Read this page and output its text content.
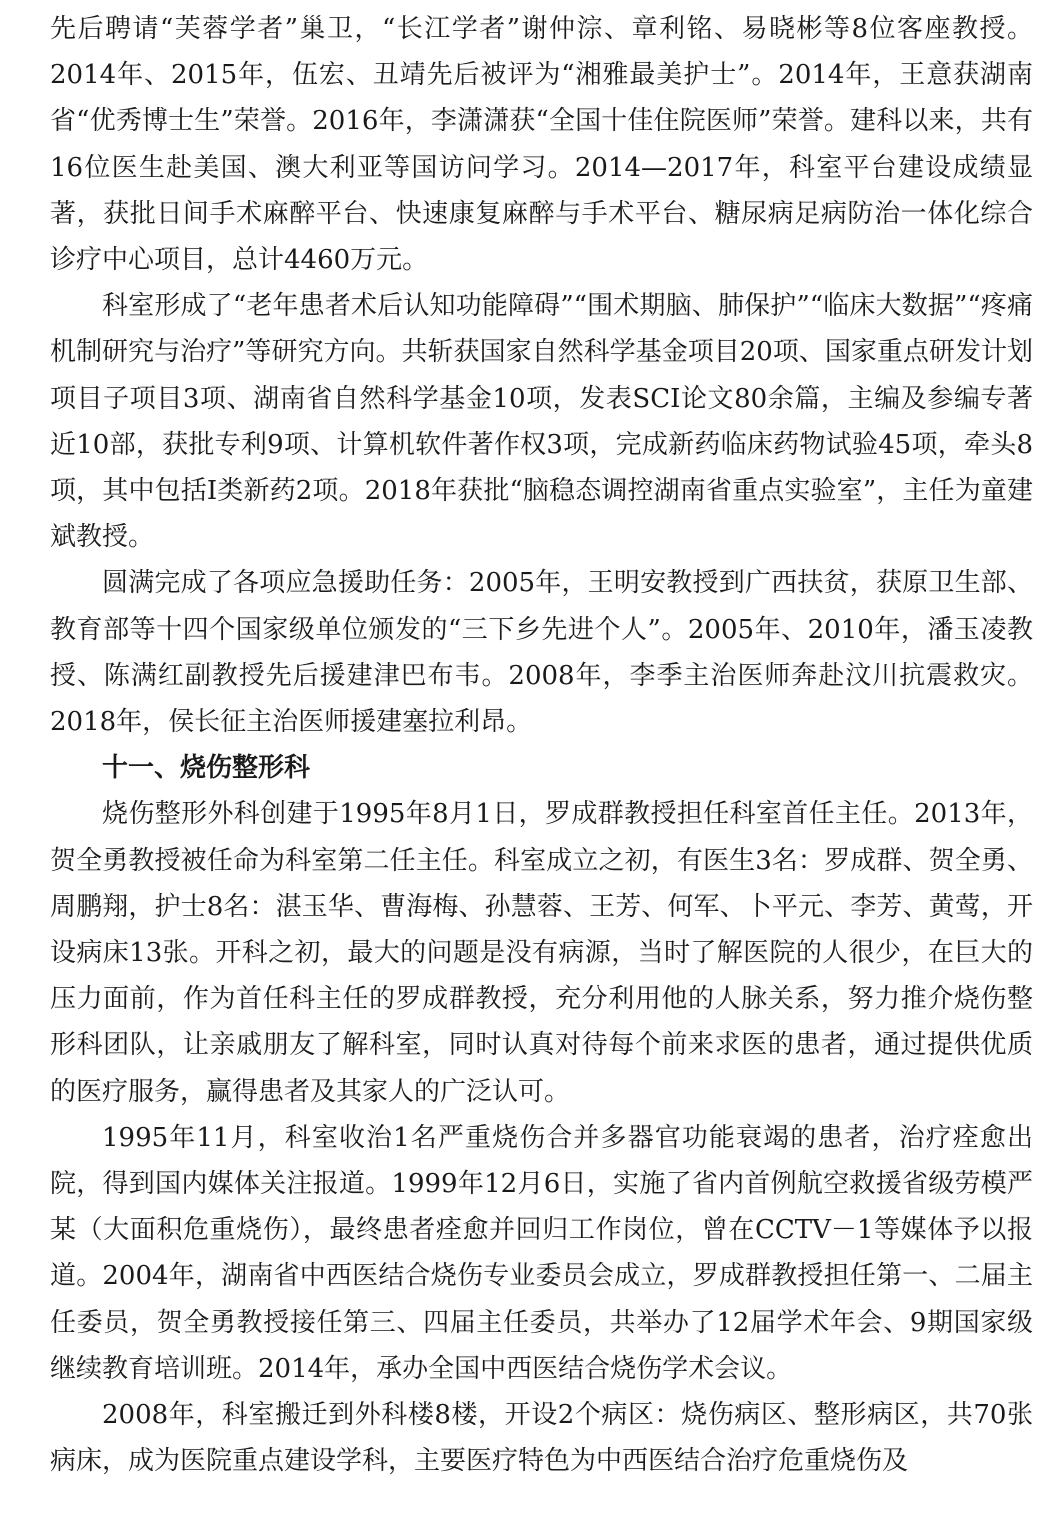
先后聘请“芙蓉学者”巢卫，“长江学者”谢仲淙、章利铭、易晓彬等8位客座教授。2014年、2015年，伍宏、丑靖先后被评为“湘雅最美护士”。2014年，王意获湖南省“优秀博士生”荣誉。2016年，李潇潇获“全国十佳住院医师”荣誉。建科以来，共有16位医生赴美国、澳大利亚等国访问学习。2014—2017年，科室平台建设成绩显著，获批日间手术麻醉平台、快速康复麻醉与手术平台、糖尿病足病防治一体化综合诊疗中心项目，总计4460万元。

科室形成了“老年患者术后认知功能障碍”“围术期脑、肺保护”“临床大数据”“疼痛机制研究与治疗”等研究方向。共斩获国家自然科学基金项目20项、国家重点研发计划项目子项目3项、湖南省自然科学基金10项，发表SCI论文80余篇，主编及参编专著近10部，获批专利9项、计算机软件著作权3项，完成新药临床药物试验45项，牵头8项，其中包括Ⅰ类新药2项。2018年获批“脑稳态调控湖南省重点实验室”，主任为童建斌教授。

圆满完成了各项应急援助任务：2005年，王明安教授到广西扶贫，获原卫生部、教育部等十四个国家级单位颁发的“三下乡先进个人”。2005年、2010年，潘玉凌教授、陈满红副教授先后援建津巴布韦。2008年，李季主治医师奔赴汶川抗震救灾。2018年，侯长征主治医师援建塞拉利昂。

十一、烧伤整形科

烧伤整形外科创建于1995年8月1日，罗成群教授担任科室首任主任。2013年，贺全勇教授被任命为科室第二任主任。科室成立之初，有医生3名：罗成群、贺全勇、周鹏翔，护士8名：湛玉华、曹海梅、孙慧蓉、王芳、何军、卜平元、李芳、黄莺，开设病床13张。开科之初，最大的问题是没有病源，当时了解医院的人很少，在巨大的压力面前，作为首任科主任的罗成群教授，充分利用他的人脉关系，努力推介烧伤整形科团队，让亲戚朋友了解科室，同时认真对待每个前来求医的患者，通过提供优质的医疗服务，赢得患者及其家人的广泛认可。

1995年11月，科室收治1名严重烧伤合并多器官功能衰竭的患者，治疗痊愈出院，得到国内媒体关注报道。1999年12月6日，实施了省内首例航空救援省级劳模严某（大面积危重烧伤），最终患者痊愈并回归工作岗位，曾在CCTV－1等媒体予以报道。2004年，湖南省中西医结合烧伤专业委员会成立，罗成群教授担任第一、二届主任委员，贺全勇教授接任第三、四届主任委员，共举办了12届学术年会、9期国家级继续教育培训班。2014年，承办全国中西医结合烧伤学术会议。

2008年，科室搬迁到外科楼8楼，开设2个病区：烧伤病区、整形病区，共70张病床，成为医院重点建设学科，主要医疗特色为中西医结合治疗危重烧伤及
